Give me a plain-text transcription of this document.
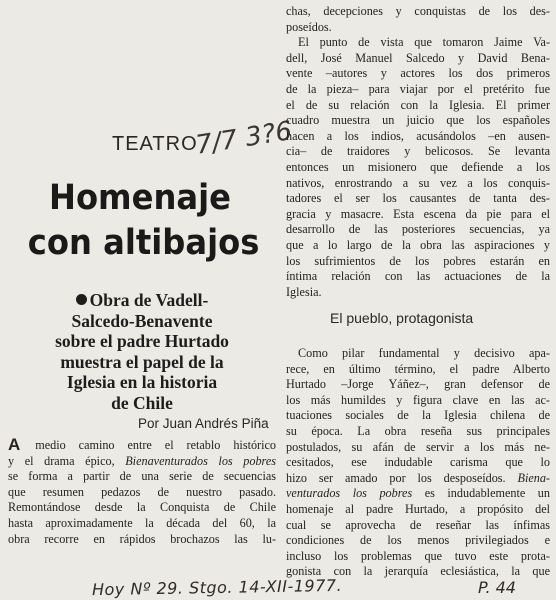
TEATRO
7/7 3?6
Homenaje
con altibajos
Obra de Vadell-
Salcedo-Benavente
sobre el padre Hurtado
muestra el papel de la
Iglesia en la historia
de Chile
Por Juan Andrés Piña
A medio camino entre el retablo histórico
y el drama épico, Bienaventurados los pobres
se forma a partir de una serie de secuencias
que resumen pedazos de nuestro pasado.
Remontándose desde la Conquista de Chile
hasta aproximadamente la década del 60, la
obra recorre en rápidos brochazos las lu-
chas, decepciones y conquistas de los des-
poseídos.
El punto de vista que tomaron Jaime Va-
dell, José Manuel Salcedo y David Bena-
vente –autores y actores los dos primeros
de la pieza– para viajar por el pretérito fue
el de su relación con la Iglesia. El primer
cuadro muestra un juicio que los españoles
hacen a los indios, acusándolos –en ausen-
cia– de traidores y belicosos. Se levanta
entonces un misionero que defiende a los
nativos, enrostrando a su vez a los conquis-
tadores el ser los causantes de tanta des-
gracia y masacre. Esta escena da pie para el
desarrollo de las posteriores secuencias, ya
que a lo largo de la obra las aspiraciones y
los sufrimientos de los pobres estarán en
íntima relación con las actuaciones de la
Iglesia.
El pueblo, protagonista
Como pilar fundamental y decisivo apa-
rece, en último término, el padre Alberto
Hurtado –Jorge Yáñez–, gran defensor de
los más humildes y figura clave en las ac-
tuaciones sociales de la Iglesia chilena de
su época. La obra reseña sus principales
postulados, su afán de servir a los más ne-
cesitados, ese indudable carisma que lo
hizo ser amado por los desposeídos. Biena-
venturados los pobres es indudablemente un
homenaje al padre Hurtado, a propósito del
cual se aprovecha de reseñar las ínfimas
condiciones de los menos privilegiados e
incluso los problemas que tuvo este prota-
gonista con la jerarquía eclesiástica, la que
Hoy Nº 29. Stgo. 14-XII-1977.	P. 44
